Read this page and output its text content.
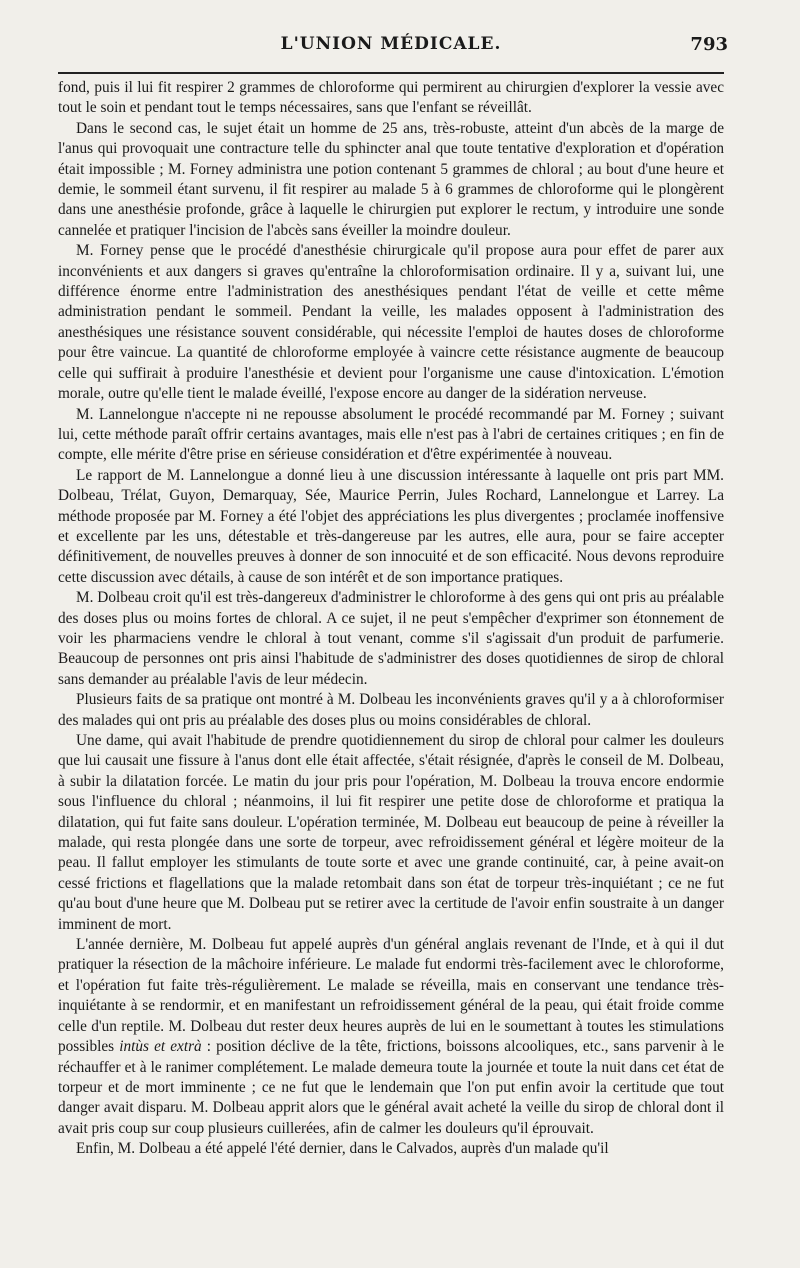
L'UNION MÉDICALE.	793

fond, puis il lui fit respirer 2 grammes de chloroforme qui permirent au chirurgien d'explorer la vessie avec tout le soin et pendant tout le temps nécessaires, sans que l'enfant se réveillât.

Dans le second cas, le sujet était un homme de 25 ans, très-robuste, atteint d'un abcès de la marge de l'anus qui provoquait une contracture telle du sphincter anal que toute tentative d'exploration et d'opération était impossible ; M. Forney administra une potion contenant 5 grammes de chloral ; au bout d'une heure et demie, le sommeil étant survenu, il fit respirer au malade 5 à 6 grammes de chloroforme qui le plongèrent dans une anesthésie profonde, grâce à laquelle le chirurgien put explorer le rectum, y introduire une sonde cannelée et pratiquer l'incision de l'abcès sans éveiller la moindre douleur.

M. Forney pense que le procédé d'anesthésie chirurgicale qu'il propose aura pour effet de parer aux inconvénients et aux dangers si graves qu'entraîne la chloroformisation ordinaire. Il y a, suivant lui, une différence énorme entre l'administration des anesthésiques pendant l'état de veille et cette même administration pendant le sommeil. Pendant la veille, les malades opposent à l'administration des anesthésiques une résistance souvent considérable, qui nécessite l'emploi de hautes doses de chloroforme pour être vaincue. La quantité de chloroforme employée à vaincre cette résistance augmente de beaucoup celle qui suffirait à produire l'anesthésie et devient pour l'organisme une cause d'intoxication. L'émotion morale, outre qu'elle tient le malade éveillé, l'expose encore au danger de la sidération nerveuse.

M. Lannelongue n'accepte ni ne repousse absolument le procédé recommandé par M. Forney ; suivant lui, cette méthode paraît offrir certains avantages, mais elle n'est pas à l'abri de certaines critiques ; en fin de compte, elle mérite d'être prise en sérieuse considération et d'être expérimentée à nouveau.

Le rapport de M. Lannelongue a donné lieu à une discussion intéressante à laquelle ont pris part MM. Dolbeau, Trélat, Guyon, Demarquay, Sée, Maurice Perrin, Jules Rochard, Lannelongue et Larrey. La méthode proposée par M. Forney a été l'objet des appréciations les plus divergentes ; proclamée inoffensive et excellente par les uns, détestable et très-dangereuse par les autres, elle aura, pour se faire accepter définitivement, de nouvelles preuves à donner de son innocuité et de son efficacité. Nous devons reproduire cette discussion avec détails, à cause de son intérêt et de son importance pratiques.

M. Dolbeau croit qu'il est très-dangereux d'administrer le chloroforme à des gens qui ont pris au préalable des doses plus ou moins fortes de chloral. A ce sujet, il ne peut s'empêcher d'exprimer son étonnement de voir les pharmaciens vendre le chloral à tout venant, comme s'il s'agissait d'un produit de parfumerie. Beaucoup de personnes ont pris ainsi l'habitude de s'administrer des doses quotidiennes de sirop de chloral sans demander au préalable l'avis de leur médecin.

Plusieurs faits de sa pratique ont montré à M. Dolbeau les inconvénients graves qu'il y a à chloroformiser des malades qui ont pris au préalable des doses plus ou moins considérables de chloral.

Une dame, qui avait l'habitude de prendre quotidiennement du sirop de chloral pour calmer les douleurs que lui causait une fissure à l'anus dont elle était affectée, s'était résignée, d'après le conseil de M. Dolbeau, à subir la dilatation forcée. Le matin du jour pris pour l'opération, M. Dolbeau la trouva encore endormie sous l'influence du chloral ; néanmoins, il lui fit respirer une petite dose de chloroforme et pratiqua la dilatation, qui fut faite sans douleur. L'opération terminée, M. Dolbeau eut beaucoup de peine à réveiller la malade, qui resta plongée dans une sorte de torpeur, avec refroidissement général et légère moiteur de la peau. Il fallut employer les stimulants de toute sorte et avec une grande continuité, car, à peine avait-on cessé frictions et flagellations que la malade retombait dans son état de torpeur très-inquiétant ; ce ne fut qu'au bout d'une heure que M. Dolbeau put se retirer avec la certitude de l'avoir enfin soustraite à un danger imminent de mort.

L'année dernière, M. Dolbeau fut appelé auprès d'un général anglais revenant de l'Inde, et à qui il dut pratiquer la résection de la mâchoire inférieure. Le malade fut endormi très-facilement avec le chloroforme, et l'opération fut faite très-régulièrement. Le malade se réveilla, mais en conservant une tendance très-inquiétante à se rendormir, et en manifestant un refroidissement général de la peau, qui était froide comme celle d'un reptile. M. Dolbeau dut rester deux heures auprès de lui en le soumettant à toutes les stimulations possibles intùs et extrà : position déclive de la tête, frictions, boissons alcooliques, etc., sans parvenir à le réchauffer et à le ranimer complétement. Le malade demeura toute la journée et toute la nuit dans cet état de torpeur et de mort imminente ; ce ne fut que le lendemain que l'on put enfin avoir la certitude que tout danger avait disparu. M. Dolbeau apprit alors que le général avait acheté la veille du sirop de chloral dont il avait pris coup sur coup plusieurs cuillerées, afin de calmer les douleurs qu'il éprouvait.

Enfin, M. Dolbeau a été appelé l'été dernier, dans le Calvados, auprès d'un malade qu'il
